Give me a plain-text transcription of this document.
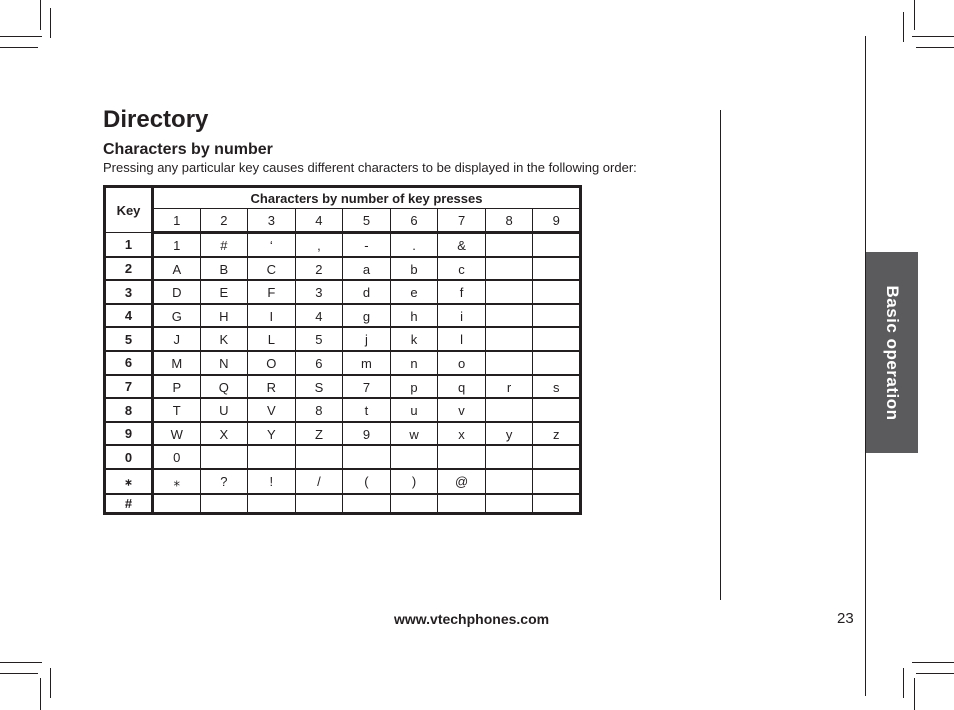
Directory
Characters by number

Pressing any particular key causes different characters to be displayed in the following order:

Key	Characters by number of key presses								
	1	2	3	4	5	6	7	8	9
1	1	#	‘	,	-	.	&		
2	A	B	C	2	a	b	c		
3	D	E	F	3	d	e	f		
4	G	H	I	4	g	h	i		
5	J	K	L	5	j	k	l		
6	M	N	O	6	m	n	o		
7	P	Q	R	S	7	p	q	r	s
8	T	U	V	8	t	u	v		
9	W	X	Y	Z	9	w	x	y	z
0	0								
⁎	⁎	?	!	/	(	)	@		
#									
Basic operation

www.vtechphones.com	23
